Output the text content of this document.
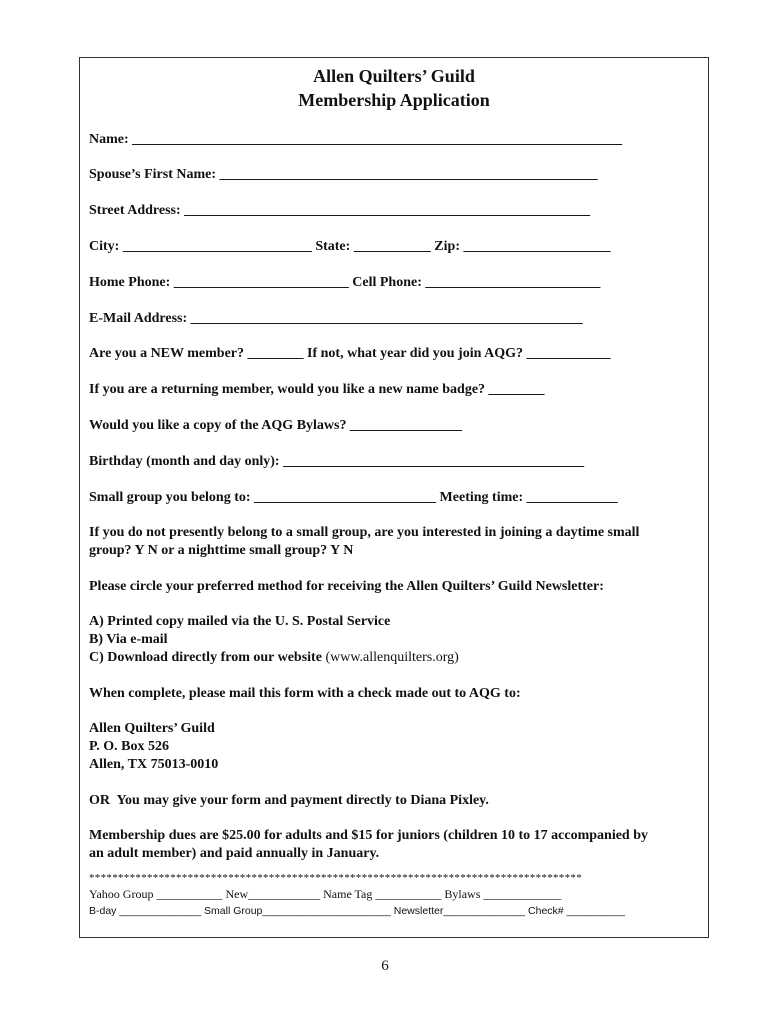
Allen Quilters’ Guild
Membership Application
Name: ______________________________________________________________________
Spouse’s First Name: ______________________________________________________
Street Address: __________________________________________________________
City: ___________________________ State: ___________ Zip: _____________________
Home Phone: _________________________ Cell Phone: _________________________
E-Mail Address: ________________________________________________________
Are you a NEW member? ________ If not, what year did you join AQG? ____________
If you are a returning member, would you like a new name badge? ________
Would you like a copy of the AQG Bylaws? ________________
Birthday (month and day only): ___________________________________________
Small group you belong to: __________________________ Meeting time: _____________
If you do not presently belong to a small group, are you interested in joining a daytime small
group? Y N or a nighttime small group? Y N
Please circle your preferred method for receiving the Allen Quilters’ Guild Newsletter:
A) Printed copy mailed via the U. S. Postal Service
B) Via e-mail
C) Download directly from our website (www.allenquilters.org)
When complete, please mail this form with a check made out to AQG to:
Allen Quilters’ Guild
P. O. Box 526
Allen, TX 75013-0010
OR  You may give your form and payment directly to Diana Pixley.
Membership dues are $25.00 for adults and $15 for juniors (children 10 to 17 accompanied by
an adult member) and paid annually in January.
*************************************************************************************
Yahoo Group ___________ New____________ Name Tag ___________ Bylaws _____________
B-day ______________ Small Group______________________ Newsletter______________ Check# __________
6
